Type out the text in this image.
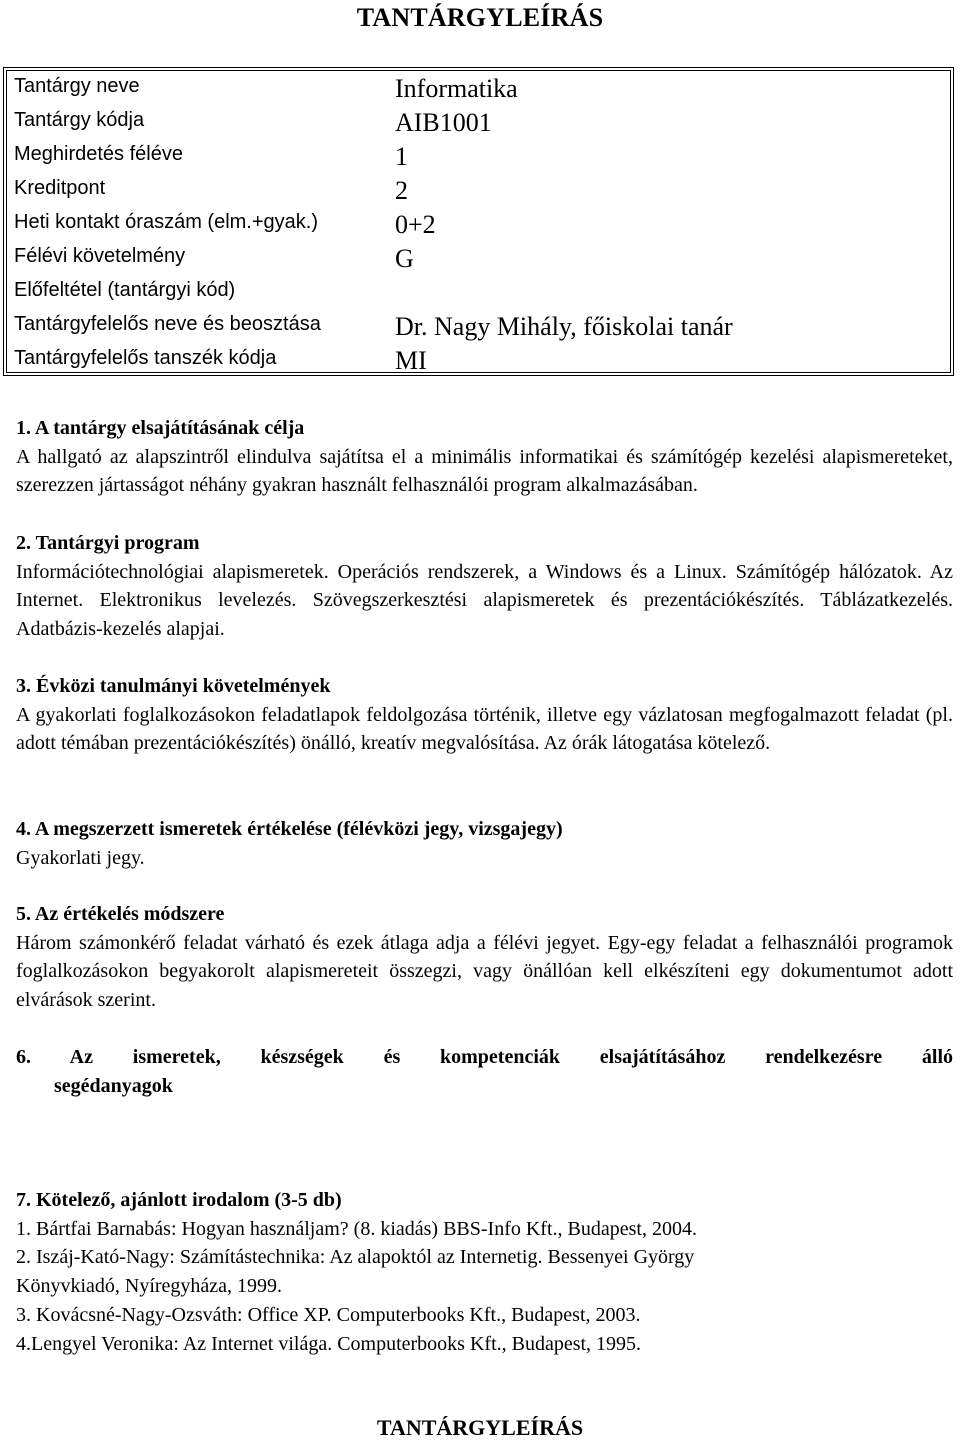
TANTÁRGYLEÍRÁS
Tantárgy neve	Informatika
Tantárgy kódja	AIB1001
Meghirdetés féléve	1
Kreditpont	2
Heti kontakt óraszám (elm.+gyak.)	0+2
Félévi követelmény	G
Előfeltétel (tantárgyi kód)
Tantárgyfelelős neve és beosztása	Dr. Nagy Mihály, főiskolai tanár
Tantárgyfelelős tanszék kódja	MI
1. A tantárgy elsajátításának célja
A hallgató az alapszintről elindulva sajátítsa el a minimális informatikai és számítógép kezelési alapismereteket, szerezzen jártasságot néhány gyakran használt felhasználói program alkalmazásában.
2. Tantárgyi program
Információtechnológiai alapismeretek. Operációs rendszerek, a Windows és a Linux. Számítógép hálózatok. Az Internet. Elektronikus levelezés. Szövegszerkesztési alapismeretek és prezentációkészítés. Táblázatkezelés. Adatbázis-kezelés alapjai.
3. Évközi tanulmányi követelmények
A gyakorlati foglalkozásokon feladatlapok feldolgozása történik, illetve egy vázlatosan megfogalmazott feladat (pl. adott témában prezentációkészítés) önálló, kreatív megvalósítása. Az órák látogatása kötelező.
4. A megszerzett ismeretek értékelése (félévközi jegy, vizsgajegy)
Gyakorlati jegy.
5. Az értékelés módszere
Három számonkérő feladat várható és ezek átlaga adja a félévi jegyet. Egy-egy feladat a felhasználói programok foglalkozásokon begyakorolt alapismereteit összegzi, vagy önállóan kell elkészíteni egy dokumentumot adott elvárások szerint.
6. Az ismeretek, készségek és kompetenciák elsajátításához rendelkezésre álló
segédanyagok
7. Kötelező, ajánlott irodalom (3-5 db)
1. Bártfai Barnabás: Hogyan használjam? (8. kiadás) BBS-Info Kft., Budapest, 2004.
2. Iszáj-Kató-Nagy: Számítástechnika: Az alapoktól az Internetig. Bessenyei György
Könyvkiadó, Nyíregyháza, 1999.
3. Kovácsné-Nagy-Ozsváth: Office XP. Computerbooks Kft., Budapest, 2003.
4.Lengyel Veronika: Az Internet világa. Computerbooks Kft., Budapest, 1995.
TANTÁRGYLEÍRÁS
